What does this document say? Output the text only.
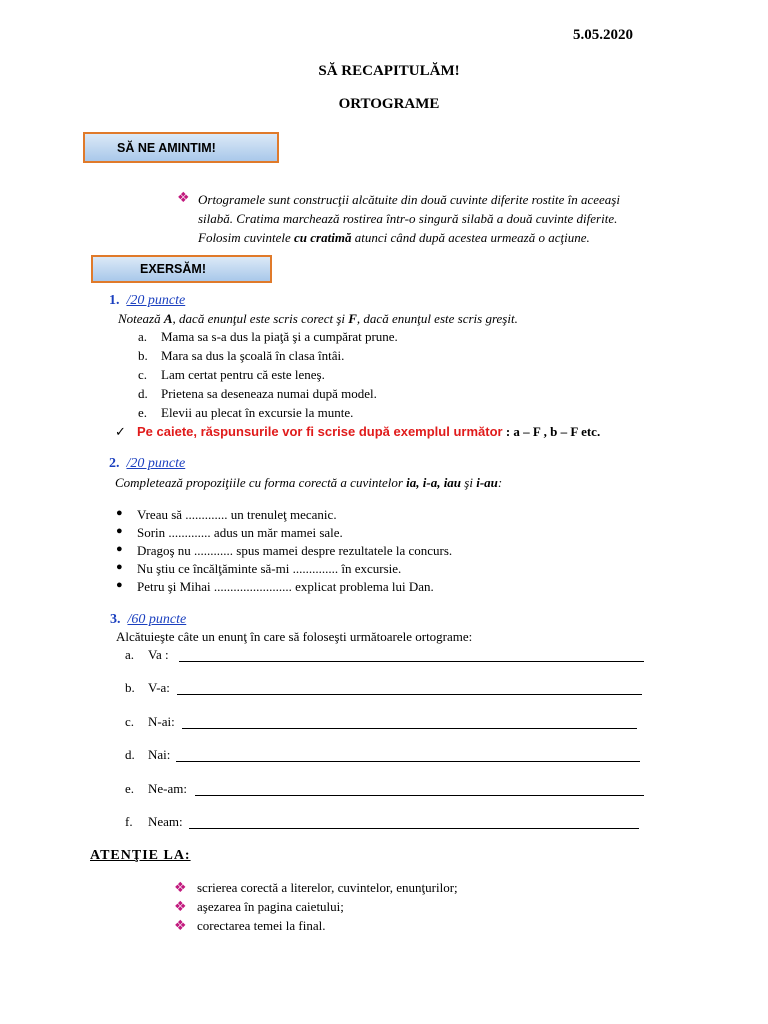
5.05.2020
SĂ RECAPITULĂM!
ORTOGRAME
SĂ NE AMINTIM!
❖ Ortogramele sunt construcţii alcătuite din două cuvinte diferite rostite în aceeaşi
silabă. Cratima marchează rostirea într-o singură silabă a două cuvinte diferite.
Folosim cuvintele cu cratimă atunci când după acestea urmează o acţiune.
EXERSĂM!
1. /20 puncte
Notează A, dacă enunţul este scris corect şi F, dacă enunţul este scris greşit.
a. Mama sa s-a dus la piaţă şi a cumpărat prune.
b. Mara sa dus la şcoală în clasa întâi.
c. Lam certat pentru că este leneş.
d. Prietena sa deseneaza numai după model.
e. Elevii au plecat în excursie la munte.
✓ Pe caiete, răspunsurile vor fi scrise după exemplul următor : a – F , b – F etc.
2. /20 puncte
Completează propoziţiile cu forma corectă a cuvintelor ia, i-a, iau şi i-au:
● Vreau să ............. un trenuleţ mecanic.
● Sorin ............. adus un măr mamei sale.
● Dragoş nu ............ spus mamei despre rezultatele la concurs.
● Nu ştiu ce încălţăminte să-mi .............. în excursie.
● Petru şi Mihai ........................ explicat problema lui Dan.
3. /60 puncte
Alcătuieşte câte un enunţ în care să foloseşti următoarele ortograme:
a. Va :
b. V-a:
c. N-ai:
d. Nai:
e. Ne-am:
f. Neam:
ATENŢIE LA:
❖ scrierea corectă a literelor, cuvintelor, enunţurilor;
❖ aşezarea în pagina caietului;
❖ corectarea temei la final.
